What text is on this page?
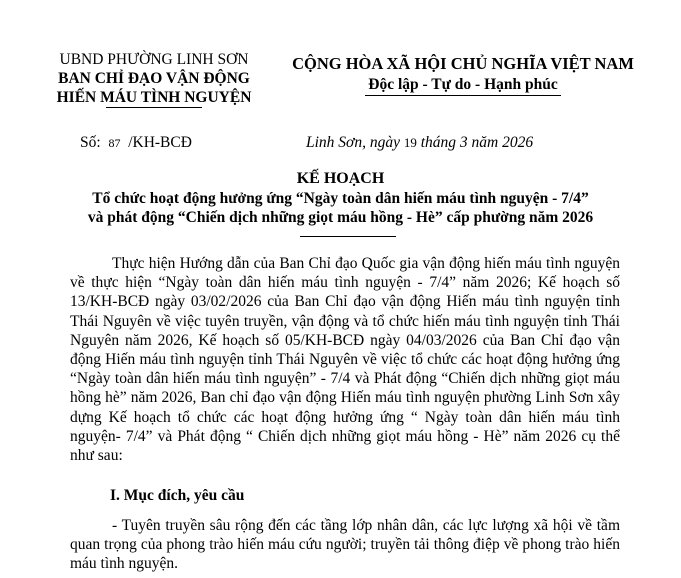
UBND PHƯỜNG LINH SƠN
BAN CHỈ ĐẠO VẬN ĐỘNG
HIẾN MÁU TÌNH NGUYỆN
CỘNG HÒA XÃ HỘI CHỦ NGHĨA VIỆT NAM
Độc lập - Tự do - Hạnh phúc
Số: 87 /KH-BCĐ	Linh Sơn, ngày 19 tháng 3 năm 2026
KẾ HOẠCH
Tổ chức hoạt động hưởng ứng “Ngày toàn dân hiến máu tình nguyện - 7/4”
và phát động “Chiến dịch những giọt máu hồng - Hè” cấp phường năm 2026
Thực hiện Hướng dẫn của Ban Chỉ đạo Quốc gia vận động hiến máu tình nguyện về thực hiện “Ngày toàn dân hiến máu tình nguyện - 7/4” năm 2026; Kế hoạch số 13/KH-BCĐ ngày 03/02/2026 của Ban Chỉ đạo vận động Hiến máu tình nguyện tỉnh Thái Nguyên về việc tuyên truyền, vận động và tổ chức hiến máu tình nguyện tỉnh Thái Nguyên năm 2026, Kế hoạch số 05/KH-BCĐ ngày 04/03/2026 của Ban Chỉ đạo vận động Hiến máu tình nguyện tỉnh Thái Nguyên về việc tổ chức các hoạt động hưởng ứng “Ngày toàn dân hiến máu tình nguyện” - 7/4 và Phát động “Chiến dịch những giọt máu hồng hè” năm 2026, Ban chỉ đạo vận động Hiến máu tình nguyện phường Linh Sơn xây dựng Kế hoạch tổ chức các hoạt động hưởng ứng “ Ngày toàn dân hiến máu tình nguyện- 7/4” và Phát động “ Chiến dịch những giọt máu hồng - Hè” năm 2026 cụ thể như sau:
I. Mục đích, yêu cầu
- Tuyên truyền sâu rộng đến các tầng lớp nhân dân, các lực lượng xã hội về tầm quan trọng của phong trào hiến máu cứu người; truyền tải thông điệp về phong trào hiến máu tình nguyện.
